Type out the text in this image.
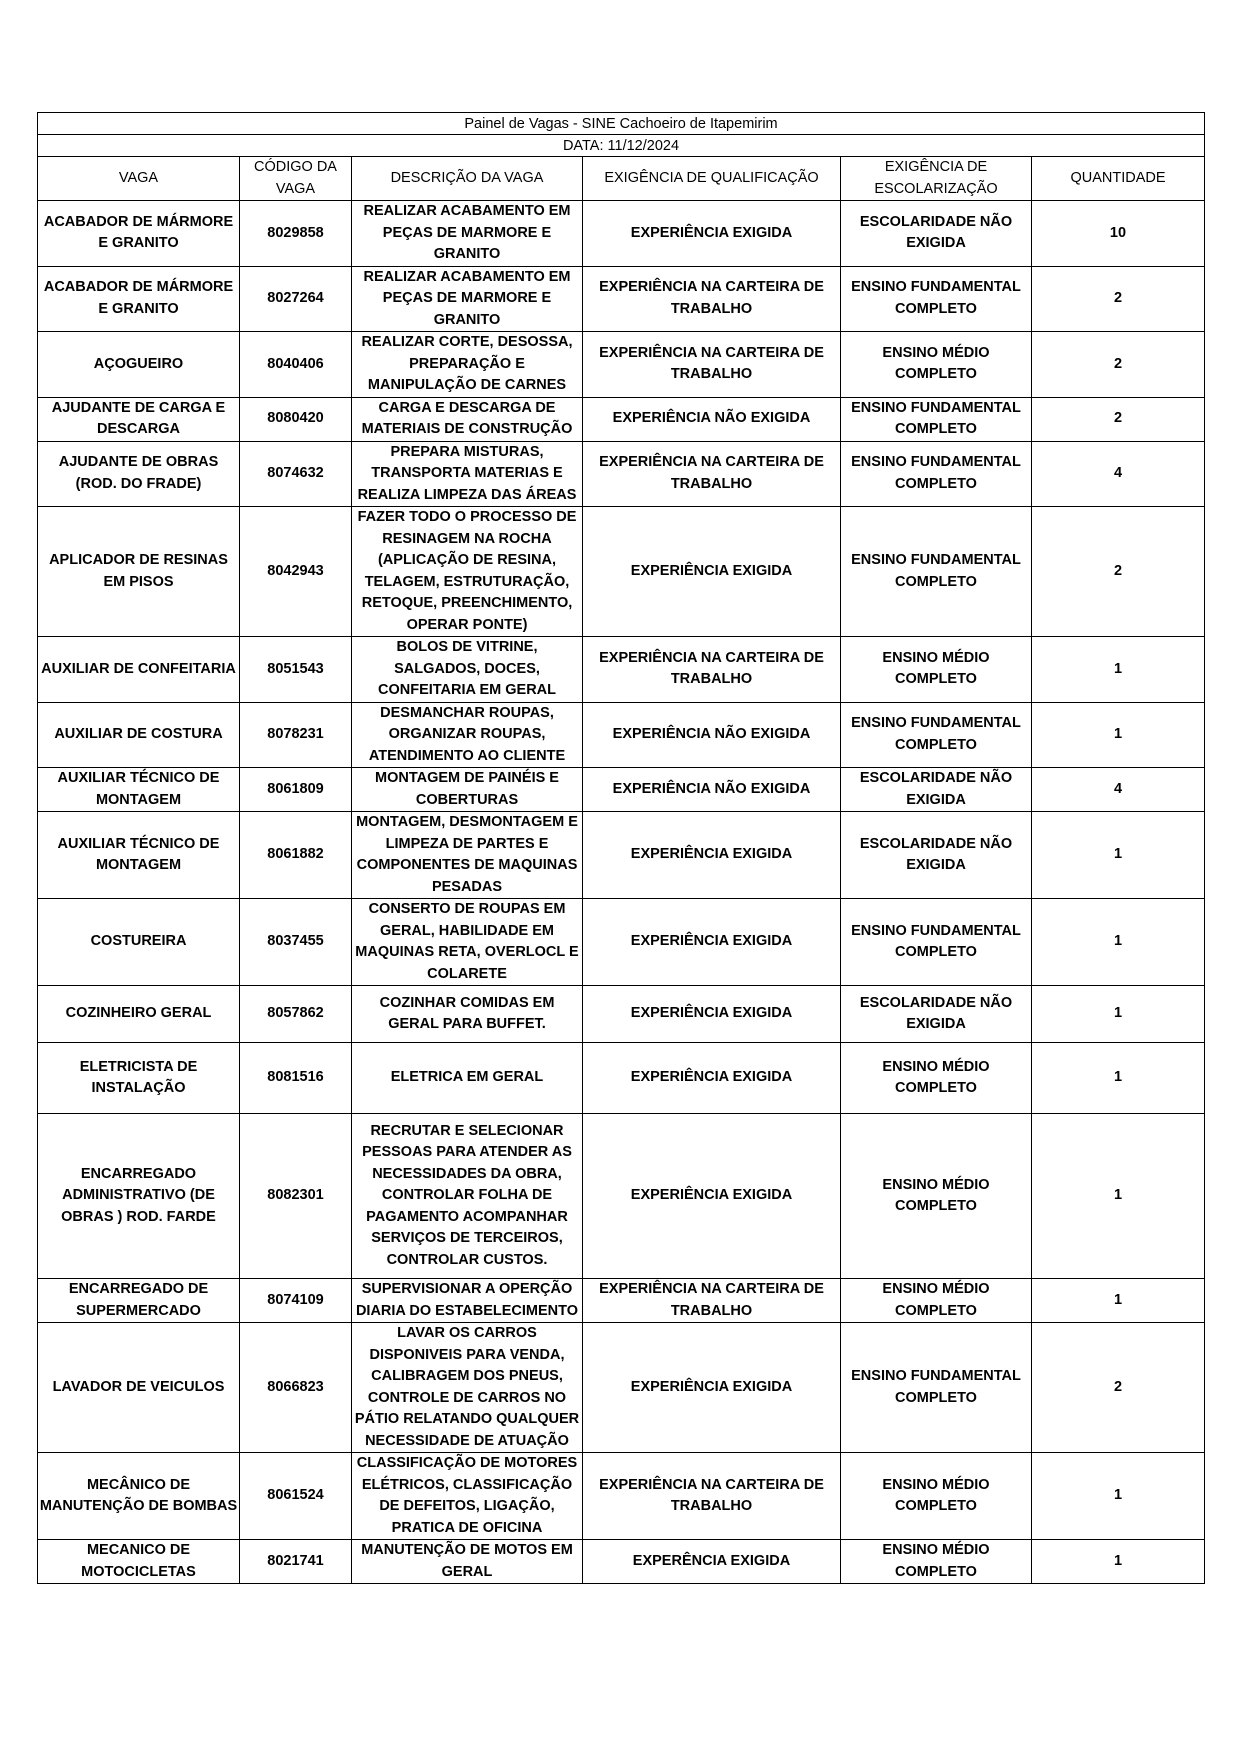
Painel de Vagas - SINE Cachoeiro de Itapemirim					
DATA: 11/12/2024					
VAGA	CÓDIGO DA VAGA	DESCRIÇÃO DA VAGA	EXIGÊNCIA DE QUALIFICAÇÃO	EXIGÊNCIA DE ESCOLARIZAÇÃO	QUANTIDADE
ACABADOR DE MÁRMORE E GRANITO	8029858	REALIZAR ACABAMENTO EM PEÇAS DE MARMORE E GRANITO	EXPERIÊNCIA EXIGIDA	ESCOLARIDADE NÃO EXIGIDA	10
ACABADOR DE MÁRMORE E GRANITO	8027264	REALIZAR ACABAMENTO EM PEÇAS DE MARMORE E GRANITO	EXPERIÊNCIA NA CARTEIRA DE TRABALHO	ENSINO FUNDAMENTAL COMPLETO	2
AÇOGUEIRO	8040406	REALIZAR CORTE, DESOSSA, PREPARAÇÃO E MANIPULAÇÃO DE CARNES	EXPERIÊNCIA NA CARTEIRA DE TRABALHO	ENSINO MÉDIO COMPLETO	2
AJUDANTE DE CARGA E DESCARGA	8080420	CARGA E DESCARGA DE MATERIAIS DE CONSTRUÇÃO	EXPERIÊNCIA NÃO EXIGIDA	ENSINO FUNDAMENTAL COMPLETO	2
AJUDANTE DE OBRAS (ROD. DO FRADE)	8074632	PREPARA MISTURAS, TRANSPORTA MATERIAS E REALIZA LIMPEZA DAS ÁREAS	EXPERIÊNCIA NA CARTEIRA DE TRABALHO	ENSINO FUNDAMENTAL COMPLETO	4
APLICADOR DE RESINAS EM PISOS	8042943	FAZER TODO O PROCESSO DE RESINAGEM NA ROCHA (APLICAÇÃO DE RESINA, TELAGEM, ESTRUTURAÇÃO, RETOQUE, PREENCHIMENTO, OPERAR PONTE)	EXPERIÊNCIA EXIGIDA	ENSINO FUNDAMENTAL COMPLETO	2
AUXILIAR DE CONFEITARIA	8051543	BOLOS DE VITRINE, SALGADOS, DOCES, CONFEITARIA EM GERAL	EXPERIÊNCIA NA CARTEIRA DE TRABALHO	ENSINO MÉDIO COMPLETO	1
AUXILIAR DE COSTURA	8078231	DESMANCHAR ROUPAS, ORGANIZAR ROUPAS, ATENDIMENTO AO CLIENTE	EXPERIÊNCIA NÃO EXIGIDA	ENSINO FUNDAMENTAL COMPLETO	1
AUXILIAR TÉCNICO DE MONTAGEM	8061809	MONTAGEM DE PAINÉIS E COBERTURAS	EXPERIÊNCIA NÃO EXIGIDA	ESCOLARIDADE NÃO EXIGIDA	4
AUXILIAR TÉCNICO DE MONTAGEM	8061882	MONTAGEM, DESMONTAGEM E LIMPEZA DE PARTES E COMPONENTES DE MAQUINAS PESADAS	EXPERIÊNCIA EXIGIDA	ESCOLARIDADE NÃO EXIGIDA	1
COSTUREIRA	8037455	CONSERTO DE ROUPAS EM GERAL, HABILIDADE EM MAQUINAS RETA, OVERLOCL E COLARETE	EXPERIÊNCIA EXIGIDA	ENSINO FUNDAMENTAL COMPLETO	1
COZINHEIRO GERAL	8057862	COZINHAR COMIDAS EM GERAL PARA BUFFET.	EXPERIÊNCIA EXIGIDA	ESCOLARIDADE NÃO EXIGIDA	1
ELETRICISTA DE INSTALAÇÃO	8081516	ELETRICA EM GERAL	EXPERIÊNCIA EXIGIDA	ENSINO MÉDIO COMPLETO	1
ENCARREGADO ADMINISTRATIVO (DE OBRAS ) ROD. FARDE	8082301	RECRUTAR E SELECIONAR PESSOAS PARA ATENDER AS NECESSIDADES DA OBRA, CONTROLAR FOLHA DE PAGAMENTO ACOMPANHAR SERVIÇOS DE TERCEIROS, CONTROLAR CUSTOS.	EXPERIÊNCIA EXIGIDA	ENSINO MÉDIO COMPLETO	1
ENCARREGADO DE SUPERMERCADO	8074109	SUPERVISIONAR A OPERÇÃO DIARIA DO ESTABELECIMENTO	EXPERIÊNCIA NA CARTEIRA DE TRABALHO	ENSINO MÉDIO COMPLETO	1
LAVADOR DE VEICULOS	8066823	LAVAR OS CARROS DISPONIVEIS PARA VENDA, CALIBRAGEM DOS PNEUS, CONTROLE DE CARROS NO PÁTIO RELATANDO QUALQUER NECESSIDADE DE ATUAÇÃO	EXPERIÊNCIA EXIGIDA	ENSINO FUNDAMENTAL COMPLETO	2
MECÂNICO DE MANUTENÇÃO DE BOMBAS	8061524	CLASSIFICAÇÃO DE MOTORES ELÉTRICOS, CLASSIFICAÇÃO DE DEFEITOS, LIGAÇÃO, PRATICA DE OFICINA	EXPERIÊNCIA NA CARTEIRA DE TRABALHO	ENSINO MÉDIO COMPLETO	1
MECANICO DE MOTOCICLETAS	8021741	MANUTENÇÃO DE MOTOS EM GERAL	EXPERÊNCIA EXIGIDA	ENSINO MÉDIO COMPLETO	1
